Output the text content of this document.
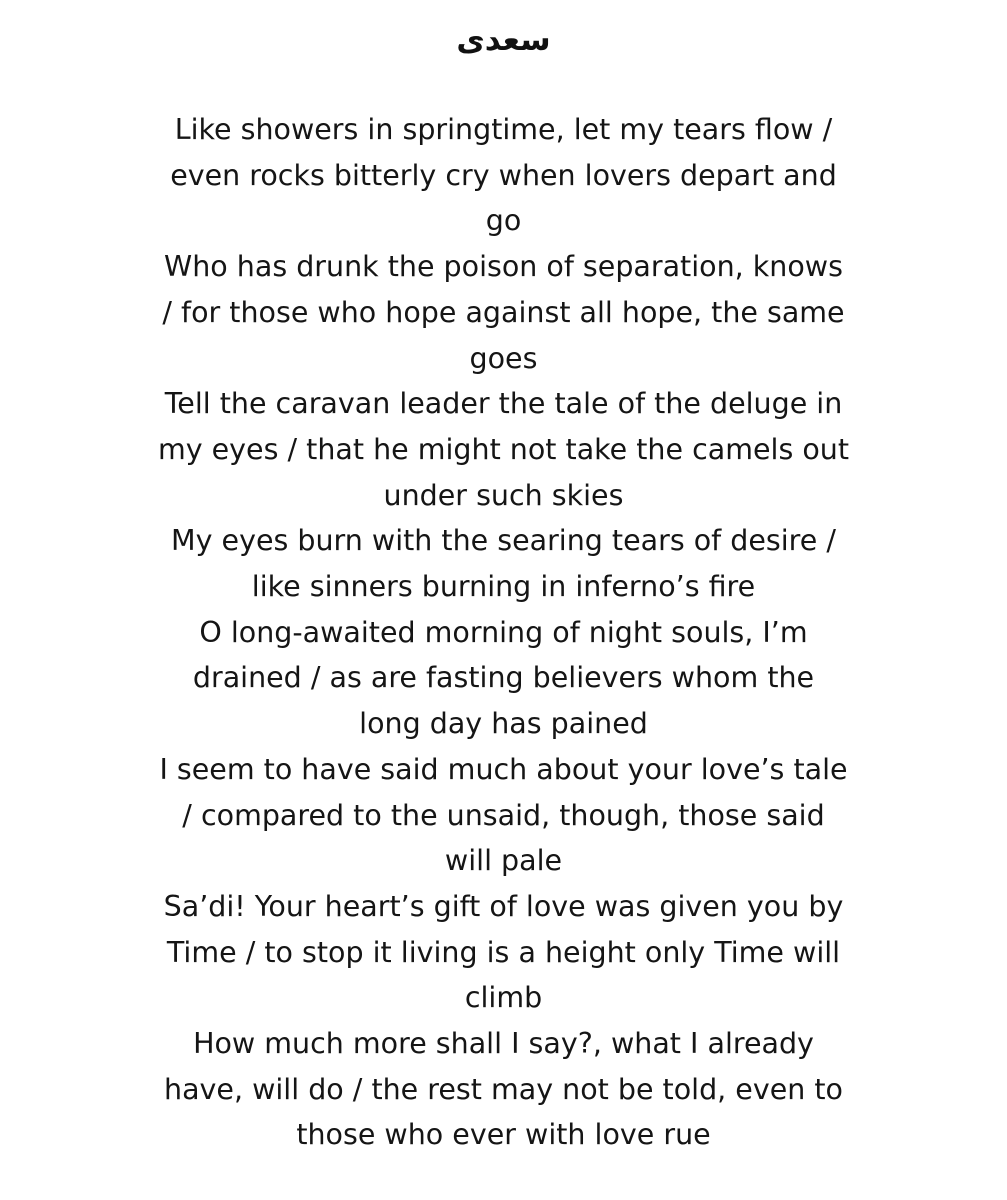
سعدی
Like showers in springtime, let my tears flow /
even rocks bitterly cry when lovers depart and
go
Who has drunk the poison of separation, knows
/ for those who hope against all hope, the same
goes
Tell the caravan leader the tale of the deluge in
my eyes / that he might not take the camels out
under such skies
My eyes burn with the searing tears of desire /
like sinners burning in inferno’s fire
O long-awaited morning of night souls, I’m
drained / as are fasting believers whom the
long day has pained
I seem to have said much about your love’s tale
/ compared to the unsaid, though, those said
will pale
Sa’di! Your heart’s gift of love was given you by
Time / to stop it living is a height only Time will
climb
How much more shall I say?, what I already
have, will do / the rest may not be told, even to
those who ever with love rue
